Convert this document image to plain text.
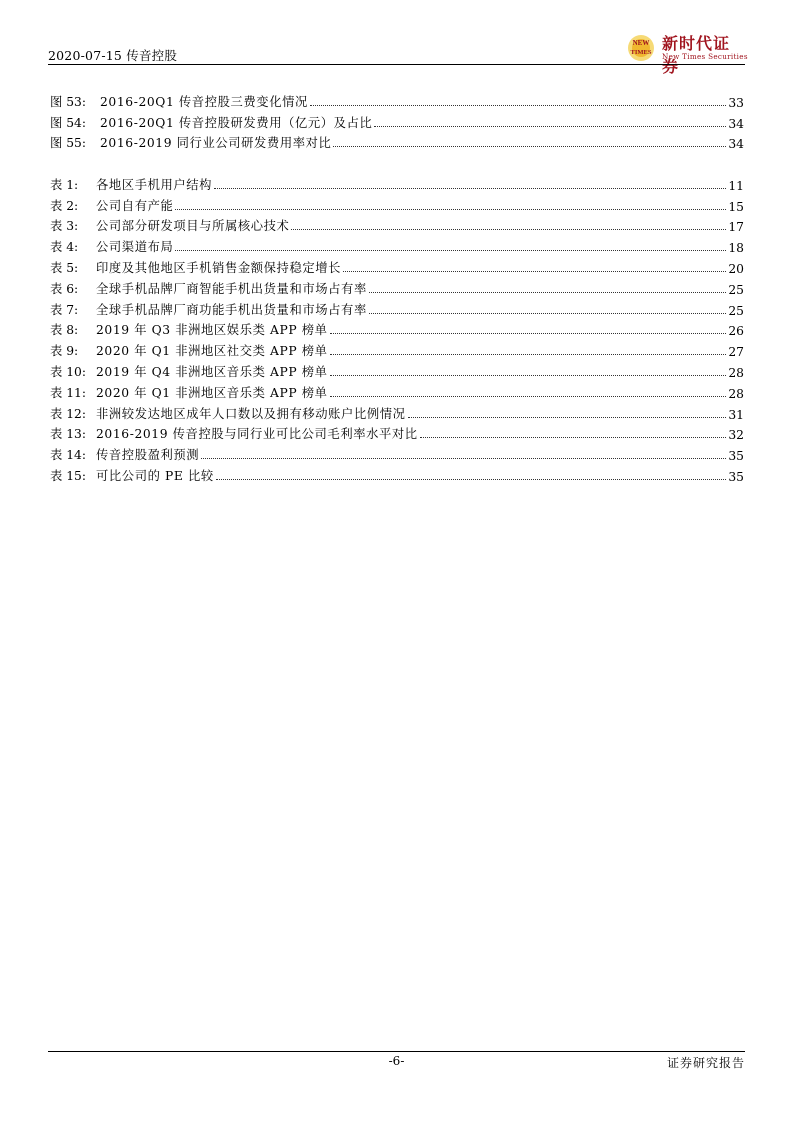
2020-07-15 传音控股
NEW
TIMES 新时代证券
New Times Securities
图 53:	2016-20Q1 传音控股三费变化情况	33
图 54:	2016-20Q1 传音控股研发费用（亿元）及占比	34
图 55:	2016-2019 同行业公司研发费用率对比	34
表 1:	各地区手机用户结构	11
表 2:	公司自有产能	15
表 3:	公司部分研发项目与所属核心技术	17
表 4:	公司渠道布局	18
表 5:	印度及其他地区手机销售金额保持稳定增长	20
表 6:	全球手机品牌厂商智能手机出货量和市场占有率	25
表 7:	全球手机品牌厂商功能手机出货量和市场占有率	25
表 8:	2019 年 Q3 非洲地区娱乐类 APP 榜单	26
表 9:	2020 年 Q1 非洲地区社交类 APP 榜单	27
表 10: 2019 年 Q4 非洲地区音乐类 APP 榜单	28
表 11: 2020 年 Q1 非洲地区音乐类 APP 榜单	28
表 12: 非洲较发达地区成年人口数以及拥有移动账户比例情况	31
表 13: 2016-2019 传音控股与同行业可比公司毛利率水平对比	32
表 14: 传音控股盈利预测	35
表 15: 可比公司的 PE 比较	35
-6-	证券研究报告
